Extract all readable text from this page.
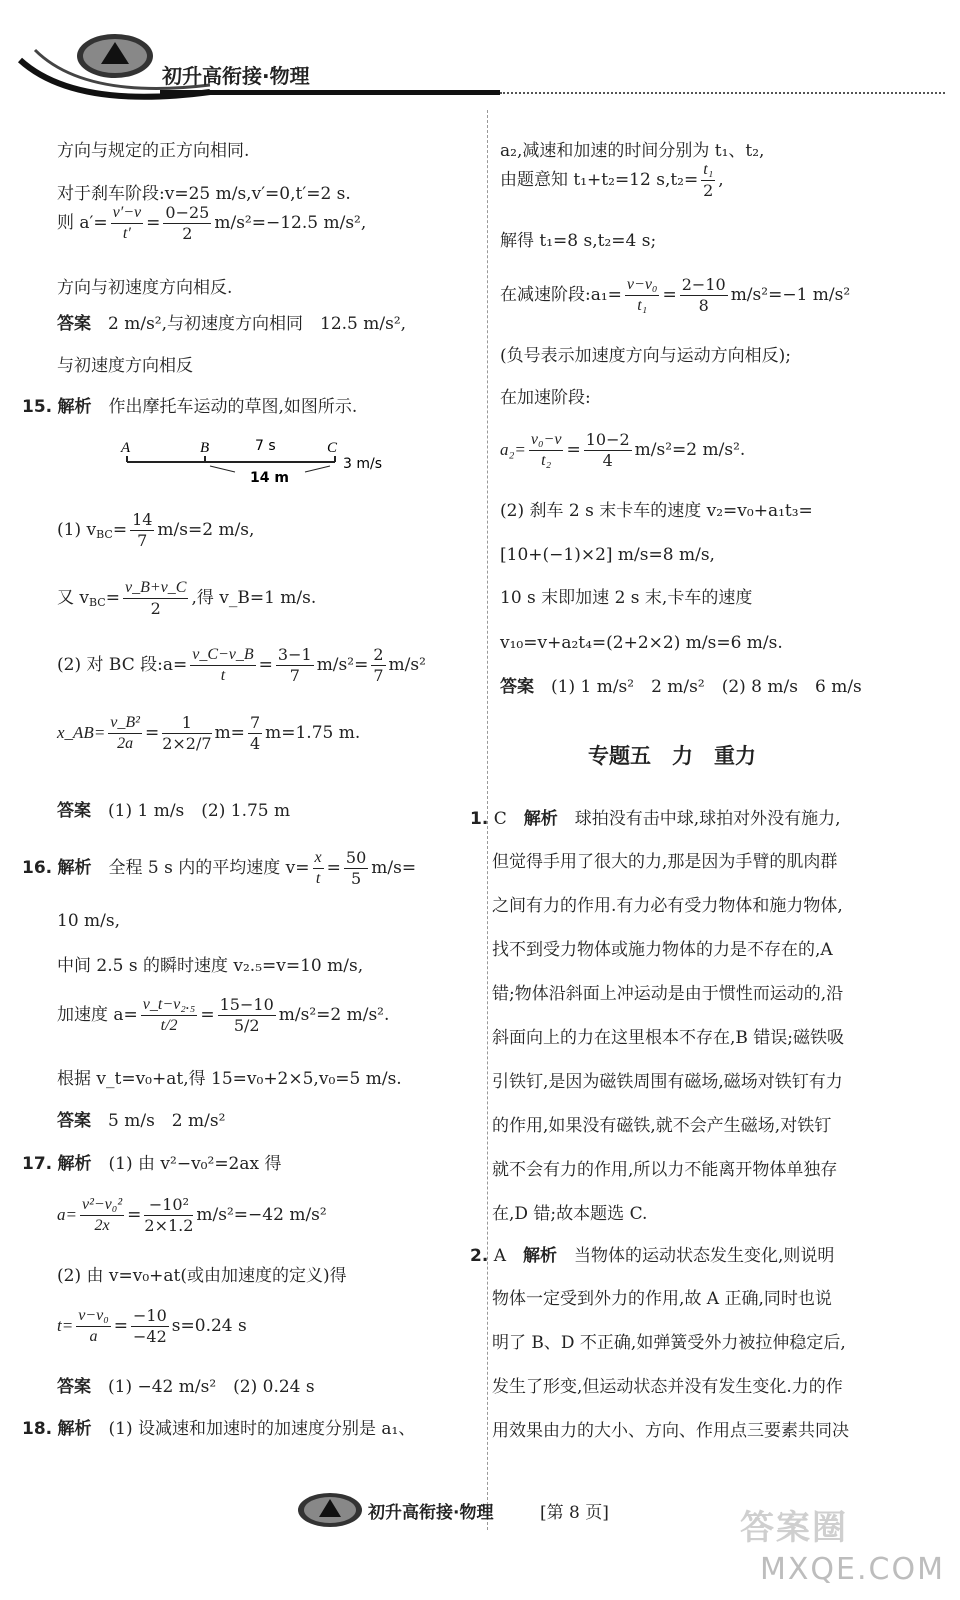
初升高衔接·物理
方向与规定的正方向相同.
对于刹车阶段:v=25 m/s,v′=0,t′=2 s.
则 $a'= \frac{v'-v}{t'} = \frac{0-25}{2} m/s^2=-12.5$ m/s²,
方向与初速度方向相反.
答案　 2 m/s²,与初速度方向相同　12.5 m/s²,
与初速度方向相反
15. 解析　 作出摩托车运动的草图,如图所示.
A	B	C
7 s
14 m
3 m/s
(1) $v_{BC}= \frac{14}{7} m/s=2$ m/s,
又 $v_{BC}= \frac{v\_B+v\_C}{2}$ ,得 v_B=1 m/s.
(2) 对 BC 段:a= $\frac{v\_C-v\_B}{t} = \frac{3-1}{7} m/s^2= \frac{2}{7} m/s^2$
x_AB= $\frac{\text{v\_B²}}{2a} = \frac{1}{2\times 2/7} m= \frac{7}{4} m=1.75$ m.
答案　 (1) 1 m/s　(2) 1.75 m
16. 解析　 全程 5 s 内的平均速度 $v= \frac{x}{t} = \frac{50}{5} m/s=$
10 m/s,
中间 2.5 s 的瞬时速度 v₂.₅=v=10 m/s,
加速度 $a= \frac{\text{v\_t−v₂.₅}}{t/2} = \frac{15-10}{5/2} m/s^2=2$ m/s².
根据 v_t=v₀+at,得 15=v₀+2×5,v₀=5 m/s.
答案　 5 m/s　2 m/s²
17. 解析　 (1) 由 v²−v₀²=2ax 得
$a= \frac{\text{v²−v₀²}}{2x} = \frac{\text{−10²}}{2\times 1.2} m/s^2=-42$ m/s²
(2) 由 v=v₀+at(或由加速度的定义)得
$t= \frac{\text{v−v₀}}{a} = \frac{-10}{-42} s=0.24$ s
答案　 (1) −42 m/s²　(2) 0.24 s
18. 解析　 (1) 设减速和加速时的加速度分别是 a₁、
a₂,减速和加速的时间分别为 t₁、t₂,
由题意知 t₁+t₂=12 $s,t_2= \frac{\text{t₁}}{2}$ ,
解得 t₁=8 s,t₂=4 s;
在减速阶段:a₁= $\frac{\text{v−v₀}}{\text{t₁}} = \frac{2-10}{8} m/s^2=-1$ m/s²
(负号表示加速度方向与运动方向相反);
在加速阶段:
$a_2= \frac{\text{v₀−v}}{\text{t₂}} = \frac{10-2}{4} m/s^2=2$ m/s².
(2) 刹车 2 s 末卡车的速度 v₂=v₀+a₁t₃=
[10+(−1)×2] m/s=8 m/s,
10 s 末即加速 2 s 末,卡车的速度
v₁₀=v+a₂t₄=(2+2×2) m/s=6 m/s.
答案　 (1) 1 m/s²　2 m/s²　(2) 8 m/s　6 m/s
专题五　力　重力
1. C　 解析　 球拍没有击中球,球拍对外没有施力,
但觉得手用了很大的力,那是因为手臂的肌肉群
之间有力的作用.有力必有受力物体和施力物体,
找不到受力物体或施力物体的力是不存在的,A
错;物体沿斜面上冲运动是由于惯性而运动的,沿
斜面向上的力在这里根本不存在,B 错误;磁铁吸
引铁钉,是因为磁铁周围有磁场,磁场对铁钉有力
的作用,如果没有磁铁,就不会产生磁场,对铁钉
就不会有力的作用,所以力不能离开物体单独存
在,D 错;故本题选 C.
2. A　 解析　 当物体的运动状态发生变化,则说明
物体一定受到外力的作用,故 A 正确,同时也说
明了 B、D 不正确,如弹簧受外力被拉伸稳定后,
发生了形变,但运动状态并没有发生变化.力的作
用效果由力的大小、方向、作用点三要素共同决
初升高衔接·物理	[第 8 页]	答案圈
MXQE.COM
